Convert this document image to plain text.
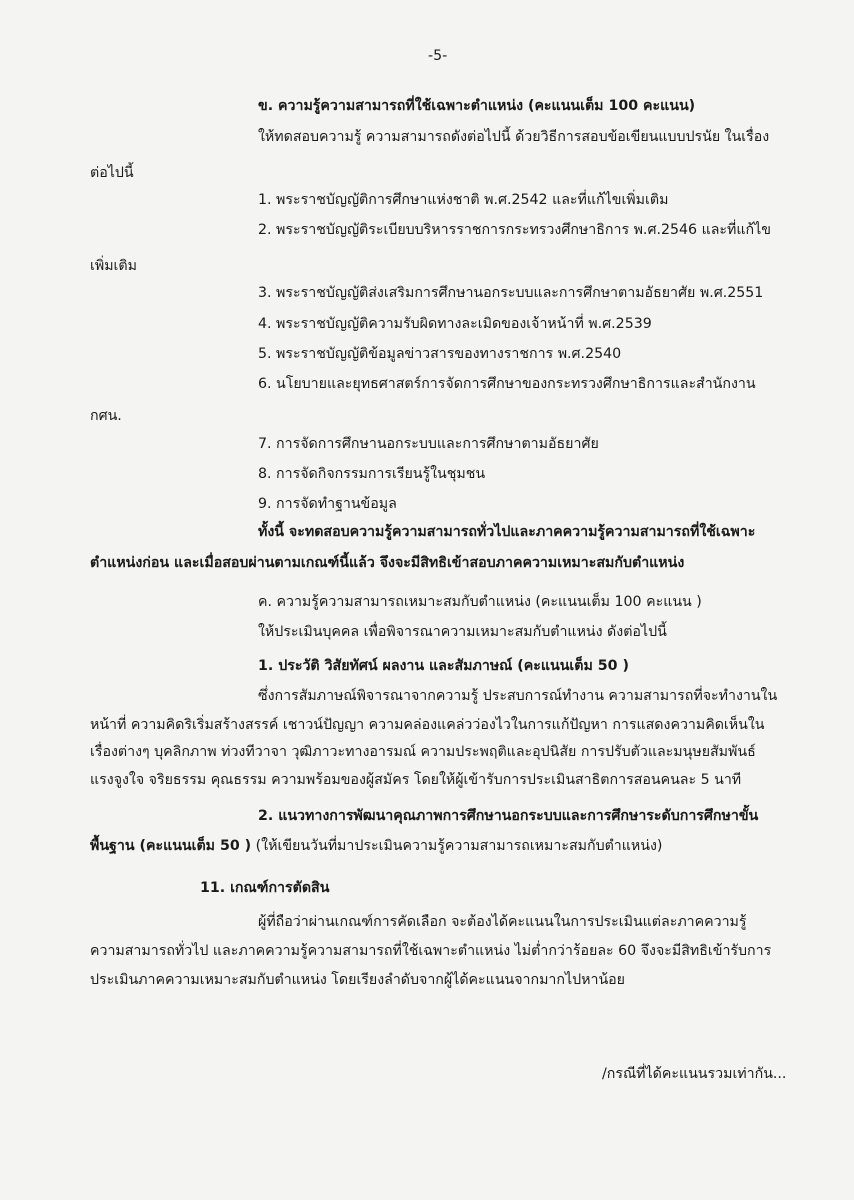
-5-
ข. ความรู้ความสามารถที่ใช้เฉพาะตำแหน่ง (คะแนนเต็ม 100 คะแนน)
ให้ทดสอบความรู้ ความสามารถดังต่อไปนี้ ด้วยวิธีการสอบข้อเขียนแบบปรนัย ในเรื่อง
ต่อไปนี้
1. พระราชบัญญัติการศึกษาแห่งชาติ พ.ศ.2542 และที่แก้ไขเพิ่มเติม
2. พระราชบัญญัติระเบียบบริหารราชการกระทรวงศึกษาธิการ พ.ศ.2546 และที่แก้ไข
เพิ่มเติม
3. พระราชบัญญัติส่งเสริมการศึกษานอกระบบและการศึกษาตามอัธยาศัย พ.ศ.2551
4. พระราชบัญญัติความรับผิดทางละเมิดของเจ้าหน้าที่ พ.ศ.2539
5. พระราชบัญญัติข้อมูลข่าวสารของทางราชการ พ.ศ.2540
6. นโยบายและยุทธศาสตร์การจัดการศึกษาของกระทรวงศึกษาธิการและสำนักงาน
กศน.
7. การจัดการศึกษานอกระบบและการศึกษาตามอัธยาศัย
8. การจัดกิจกรรมการเรียนรู้ในชุมชน
9. การจัดทำฐานข้อมูล
ทั้งนี้ จะทดสอบความรู้ความสามารถทั่วไปและภาคความรู้ความสามารถที่ใช้เฉพาะ
ตำแหน่งก่อน และเมื่อสอบผ่านตามเกณฑ์นี้แล้ว จึงจะมีสิทธิเข้าสอบภาคความเหมาะสมกับตำแหน่ง
ค. ความรู้ความสามารถเหมาะสมกับตำแหน่ง (คะแนนเต็ม 100 คะแนน )
ให้ประเมินบุคคล เพื่อพิจารณาความเหมาะสมกับตำแหน่ง ดังต่อไปนี้
1. ประวัติ วิสัยทัศน์ ผลงาน และสัมภาษณ์ (คะแนนเต็ม 50 )
ซึ่งการสัมภาษณ์พิจารณาจากความรู้ ประสบการณ์ทำงาน ความสามารถที่จะทำงานใน
หน้าที่ ความคิดริเริ่มสร้างสรรค์ เชาวน์ปัญญา ความคล่องแคล่วว่องไวในการแก้ปัญหา การแสดงความคิดเห็นใน
เรื่องต่างๆ บุคลิกภาพ ท่วงทีวาจา วุฒิภาวะทางอารมณ์ ความประพฤติและอุปนิสัย การปรับตัวและมนุษยสัมพันธ์
แรงจูงใจ จริยธรรม คุณธรรม ความพร้อมของผู้สมัคร โดยให้ผู้เข้ารับการประเมินสาธิตการสอนคนละ 5 นาที
2. แนวทางการพัฒนาคุณภาพการศึกษานอกระบบและการศึกษาระดับการศึกษาขั้น
พื้นฐาน (คะแนนเต็ม 50 ) (ให้เขียนวันที่มาประเมินความรู้ความสามารถเหมาะสมกับตำแหน่ง)
11. เกณฑ์การตัดสิน
ผู้ที่ถือว่าผ่านเกณฑ์การคัดเลือก จะต้องได้คะแนนในการประเมินแต่ละภาคความรู้
ความสามารถทั่วไป และภาคความรู้ความสามารถที่ใช้เฉพาะตำแหน่ง ไม่ต่ำกว่าร้อยละ 60 จึงจะมีสิทธิเข้ารับการ
ประเมินภาคความเหมาะสมกับตำแหน่ง โดยเรียงลำดับจากผู้ได้คะแนนจากมากไปหาน้อย
/กรณีที่ได้คะแนนรวมเท่ากัน...
